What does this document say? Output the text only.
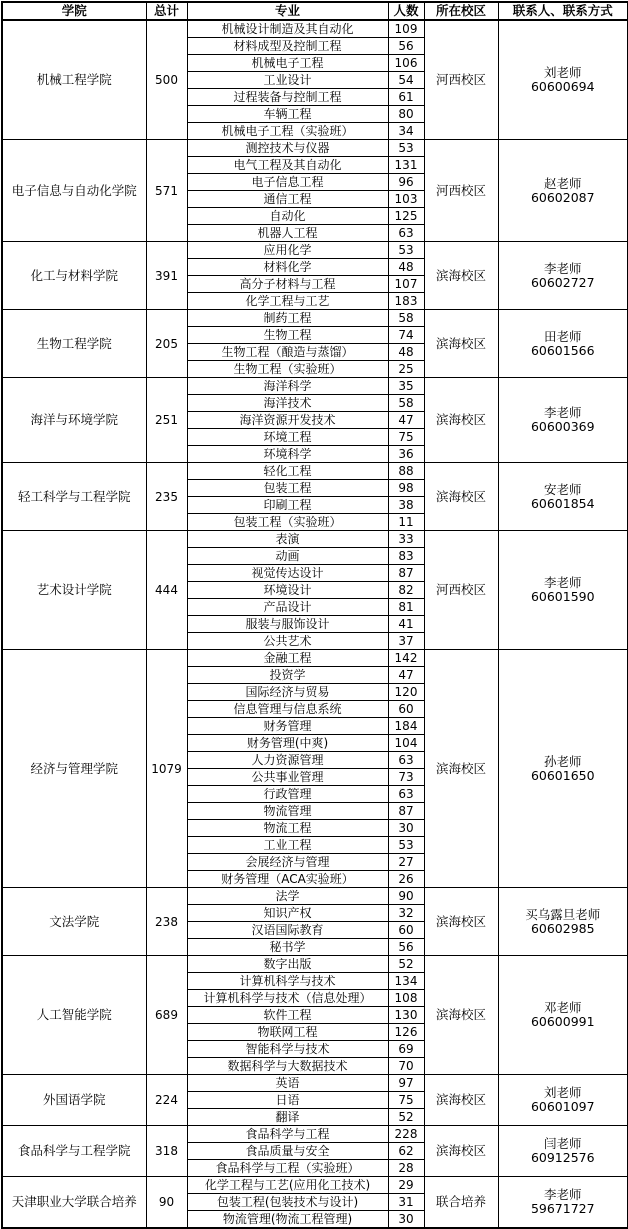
学院	总计	专业	人数	所在校区	联系人、联系方式
机械工程学院	500	机械设计制造及其自动化	109	河西校区	刘老师
60600694

		材料成型及控制工程	56		
		机械电子工程	106		
		工业设计	54		
		过程装备与控制工程	61		
		车辆工程	80		
		机械电子工程（实验班）	34		
电子信息与自动化学院	571	测控技术与仪器	53	河西校区	赵老师
60602087

		电气工程及其自动化	131		
		电子信息工程	96		
		通信工程	103		
		自动化	125		
		机器人工程	63		
化工与材料学院	391	应用化学	53	滨海校区	李老师
60602727

		材料化学	48		
		高分子材料与工程	107		
		化学工程与工艺	183		
生物工程学院	205	制药工程	58	滨海校区	田老师
60601566

		生物工程	74		
		生物工程（酿造与蒸馏）	48		
		生物工程（实验班）	25		
海洋与环境学院	251	海洋科学	35	滨海校区	李老师
60600369

		海洋技术	58		
		海洋资源开发技术	47		
		环境工程	75		
		环境科学	36		
轻工科学与工程学院	235	轻化工程	88	滨海校区	安老师
60601854

		包装工程	98		
		印刷工程	38		
		包装工程（实验班）	11		
艺术设计学院	444	表演	33	河西校区	李老师
60601590

		动画	83		
		视觉传达设计	87		
		环境设计	82		
		产品设计	81		
		服装与服饰设计	41		
		公共艺术	37		
经济与管理学院	1079	金融工程	142	滨海校区	孙老师
60601650

		投资学	47		
		国际经济与贸易	120		
		信息管理与信息系统	60		
		财务管理	184		
		财务管理(中爽)	104		
		人力资源管理	63		
		公共事业管理	73		
		行政管理	63		
		物流管理	87		
		物流工程	30		
		工业工程	53		
		会展经济与管理	27		
		财务管理（ACA实验班）	26		
文法学院	238	法学	90	滨海校区	买乌露旦老师
60602985

		知识产权	32		
		汉语国际教育	60		
		秘书学	56		
人工智能学院	689	数字出版	52	滨海校区	邓老师
60600991

		计算机科学与技术	134		
		计算机科学与技术（信息处理）	108		
		软件工程	130		
		物联网工程	126		
		智能科学与技术	69		
		数据科学与大数据技术	70		
外国语学院	224	英语	97	滨海校区	刘老师
60601097

		日语	75		
		翻译	52		
食品科学与工程学院	318	食品科学与工程	228	滨海校区	闫老师
60912576

		食品质量与安全	62		
		食品科学与工程（实验班）	28		
天津职业大学联合培养	90	化学工程与工艺(应用化工技术)	29	联合培养	李老师
59671727

		包装工程(包装技术与设计)	31		
		物流管理(物流工程管理)	30		
